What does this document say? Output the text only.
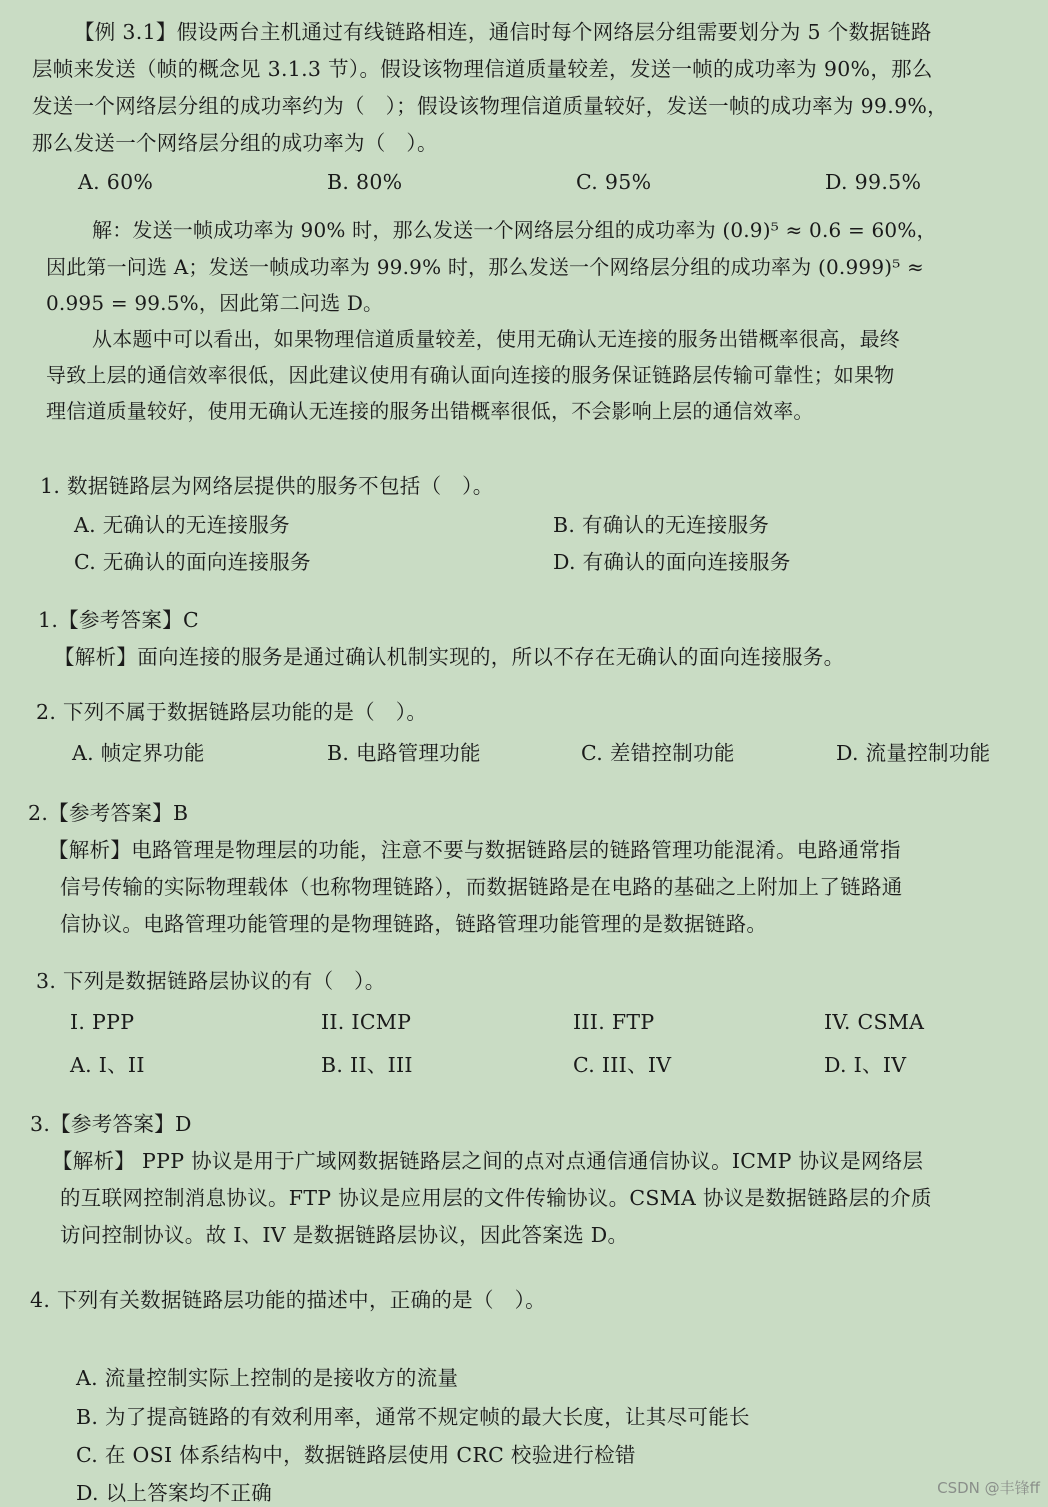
【例 3.1】假设两台主机通过有线链路相连，通信时每个网络层分组需要划分为 5 个数据链路
层帧来发送（帧的概念见 3.1.3 节）。假设该物理信道质量较差，发送一帧的成功率为 90%，那么
发送一个网络层分组的成功率约为（　）；假设该物理信道质量较好，发送一帧的成功率为 99.9%，
那么发送一个网络层分组的成功率为（　）。
A. 60%	B. 80%	C. 95%	D. 99.5%
解：发送一帧成功率为 90% 时，那么发送一个网络层分组的成功率为 (0.9)⁵ ≈ 0.6 = 60%，
因此第一问选 A；发送一帧成功率为 99.9% 时，那么发送一个网络层分组的成功率为 (0.999)⁵ ≈
0.995 = 99.5%，因此第二问选 D。
从本题中可以看出，如果物理信道质量较差，使用无确认无连接的服务出错概率很高，最终
导致上层的通信效率很低，因此建议使用有确认面向连接的服务保证链路层传输可靠性；如果物
理信道质量较好，使用无确认无连接的服务出错概率很低，不会影响上层的通信效率。
1. 数据链路层为网络层提供的服务不包括（　）。
A. 无确认的无连接服务	B. 有确认的无连接服务
C. 无确认的面向连接服务	D. 有确认的面向连接服务
1.【参考答案】C
【解析】面向连接的服务是通过确认机制实现的，所以不存在无确认的面向连接服务。
2. 下列不属于数据链路层功能的是（　）。
A. 帧定界功能	B. 电路管理功能	C. 差错控制功能	D. 流量控制功能
2.【参考答案】B
【解析】电路管理是物理层的功能，注意不要与数据链路层的链路管理功能混淆。电路通常指
信号传输的实际物理载体（也称物理链路），而数据链路是在电路的基础之上附加上了链路通
信协议。电路管理功能管理的是物理链路，链路管理功能管理的是数据链路。
3. 下列是数据链路层协议的有（　）。
I. PPP	II. ICMP	III. FTP	IV. CSMA
A. I、II	B. II、III	C. III、IV	D. I、IV
3.【参考答案】D
【解析】 PPP 协议是用于广域网数据链路层之间的点对点通信通信协议。ICMP 协议是网络层
的互联网控制消息协议。FTP 协议是应用层的文件传输协议。CSMA 协议是数据链路层的介质
访问控制协议。故 I、IV 是数据链路层协议，因此答案选 D。
4. 下列有关数据链路层功能的描述中，正确的是（　）。
A. 流量控制实际上控制的是接收方的流量
B. 为了提高链路的有效利用率，通常不规定帧的最大长度，让其尽可能长
C. 在 OSI 体系结构中，数据链路层使用 CRC 校验进行检错
D. 以上答案均不正确	CSDN @丰锋ff
